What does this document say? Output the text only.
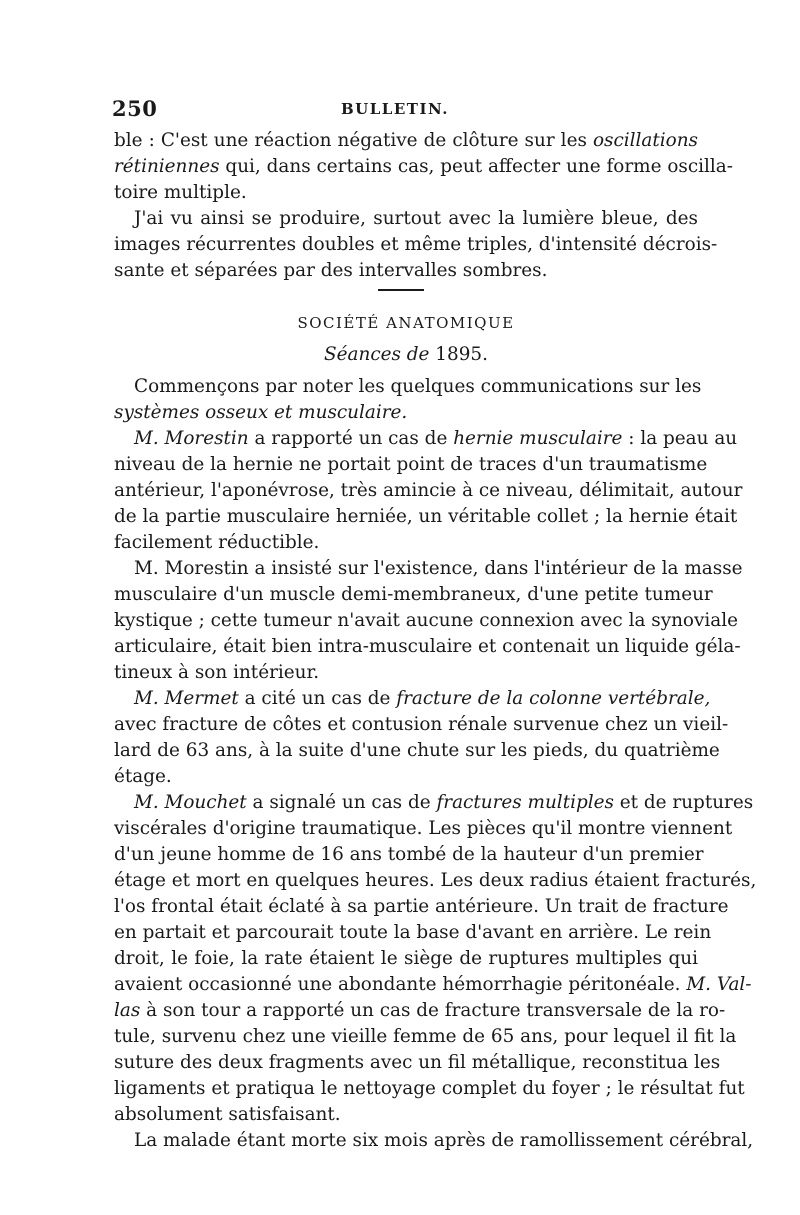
250	BULLETIN.
ble : C'est une réaction négative de clôture sur les oscillations
rétiniennes qui, dans certains cas, peut affecter une forme oscilla-
toire multiple.
J'ai vu ainsi se produire, surtout avec la lumière bleue, des
images récurrentes doubles et même triples, d'intensité décrois-
sante et séparées par des intervalles sombres.
SOCIÉTÉ ANATOMIQUE
Séances de 1895.
Commençons par noter les quelques communications sur les
systèmes osseux et musculaire.
M. Morestin a rapporté un cas de hernie musculaire : la peau au
niveau de la hernie ne portait point de traces d'un traumatisme
antérieur, l'aponévrose, très amincie à ce niveau, délimitait, autour
de la partie musculaire herniée, un véritable collet ; la hernie était
facilement réductible.
M. Morestin a insisté sur l'existence, dans l'intérieur de la masse
musculaire d'un muscle demi-membraneux, d'une petite tumeur
kystique ; cette tumeur n'avait aucune connexion avec la synoviale
articulaire, était bien intra-musculaire et contenait un liquide géla-
tineux à son intérieur.
M. Mermet a cité un cas de fracture de la colonne vertébrale,
avec fracture de côtes et contusion rénale survenue chez un vieil-
lard de 63 ans, à la suite d'une chute sur les pieds, du quatrième
étage.
M. Mouchet a signalé un cas de fractures multiples et de ruptures
viscérales d'origine traumatique. Les pièces qu'il montre viennent
d'un jeune homme de 16 ans tombé de la hauteur d'un premier
étage et mort en quelques heures. Les deux radius étaient fracturés,
l'os frontal était éclaté à sa partie antérieure. Un trait de fracture
en partait et parcourait toute la base d'avant en arrière. Le rein
droit, le foie, la rate étaient le siège de ruptures multiples qui
avaient occasionné une abondante hémorrhagie péritonéale. M. Val-
las à son tour a rapporté un cas de fracture transversale de la ro-
tule, survenu chez une vieille femme de 65 ans, pour lequel il fit la
suture des deux fragments avec un fil métallique, reconstitua les
ligaments et pratiqua le nettoyage complet du foyer ; le résultat fut
absolument satisfaisant.
La malade étant morte six mois après de ramollissement cérébral,
